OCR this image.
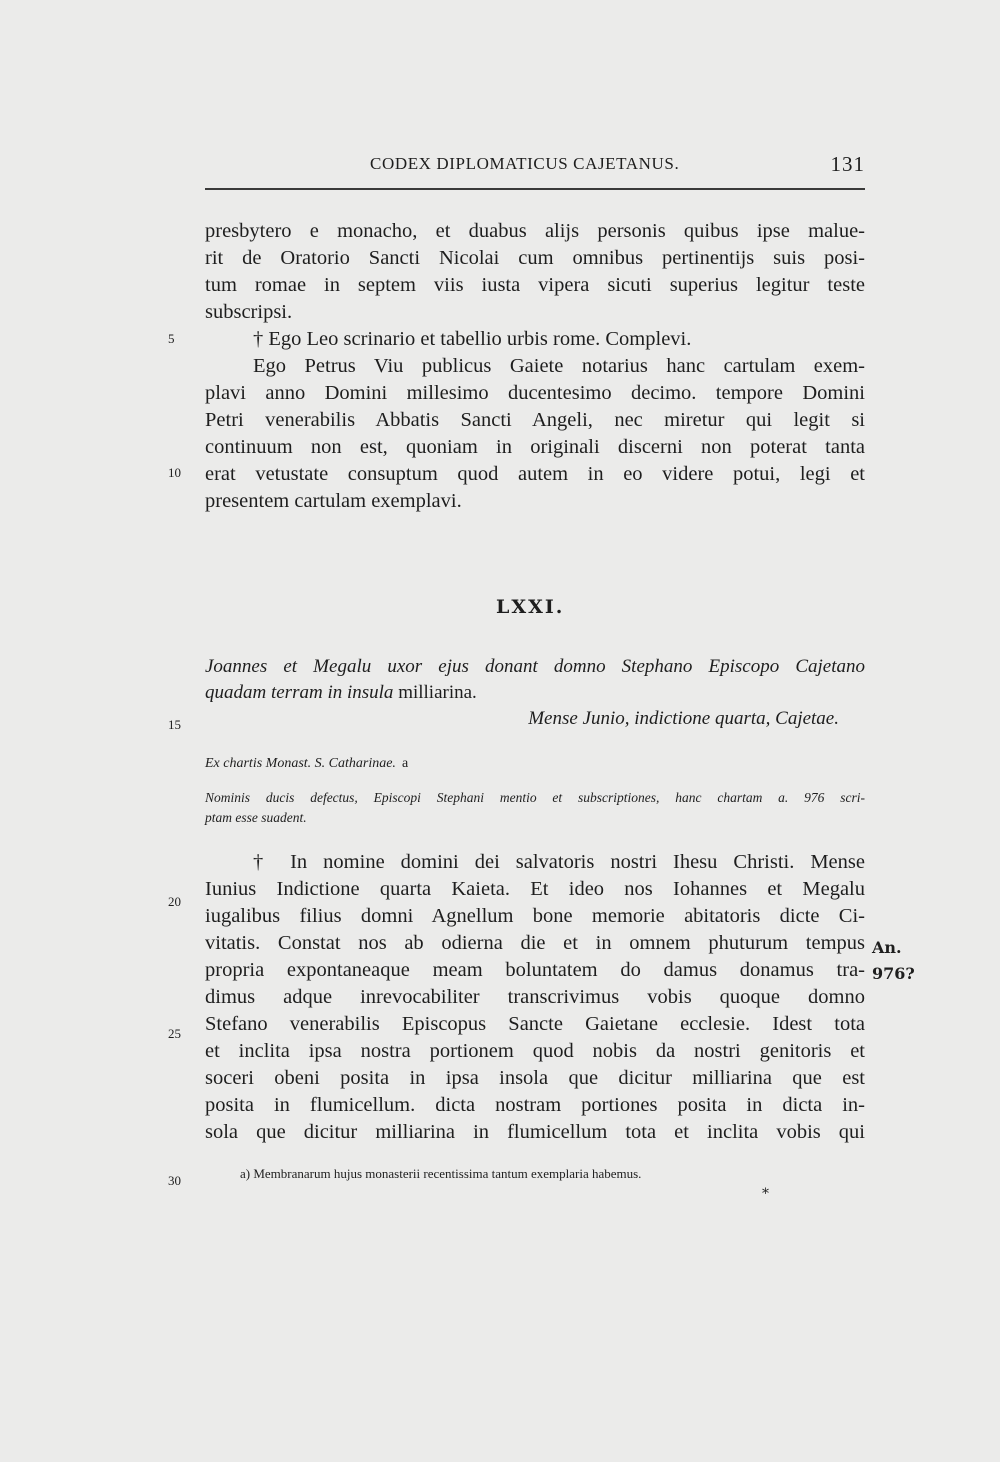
CODEX DIPLOMATICUS CAJETANUS.	131
presbytero e monacho, et duabus alijs personis quibus ipse malue-
rit de Oratorio Sancti Nicolai cum omnibus pertinentijs suis posi-
tum romae in septem viis iusta vipera sicuti superius legitur teste
subscripsi.
† Ego Leo scrinario et tabellio urbis rome. Complevi.
Ego Petrus Viu publicus Gaiete notarius hanc cartulam exem-
plavi anno Domini millesimo ducentesimo decimo. tempore Domini
Petri venerabilis Abbatis Sancti Angeli, nec miretur qui legit si
continuum non est, quoniam in originali discerni non poterat tanta
erat vetustate consuptum quod autem in eo videre potui, legi et
presentem cartulam exemplavi.
LXXI.
Joannes et Megalu uxor ejus donant domno Stephano Episcopo Cajetano
quadam terram in insula milliarina.
Mense Junio, indictione quarta, Cajetae.
Ex chartis Monast. S. Catharinae. a
Nominis ducis defectus, Episcopi Stephani mentio et subscriptiones, hanc chartam a. 976 scri-
ptam esse suadent.
† In nomine domini dei salvatoris nostri Ihesu Christi. Mense
Iunius Indictione quarta Kaieta. Et ideo nos Iohannes et Megalu
iugalibus filius domni Agnellum bone memorie abitatoris dicte Ci-
vitatis. Constat nos ab odierna die et in omnem phuturum tempus
propria expontaneaque meam boluntatem do damus donamus tra-
dimus adque inrevocabiliter transcrivimus vobis quoque domno
Stefano venerabilis Episcopus Sancte Gaietane ecclesie. Idest tota
et inclita ipsa nostra portionem quod nobis da nostri genitoris et
soceri obeni posita in ipsa insola que dicitur milliarina que est
posita in flumicellum. dicta nostram portiones posita in dicta in-
sola que dicitur milliarina in flumicellum tota et inclita vobis qui
An.
976?
5
10
15
20
25
30	a) Membranarum hujus monasterii recentissima tantum exemplaria habemus.
*
